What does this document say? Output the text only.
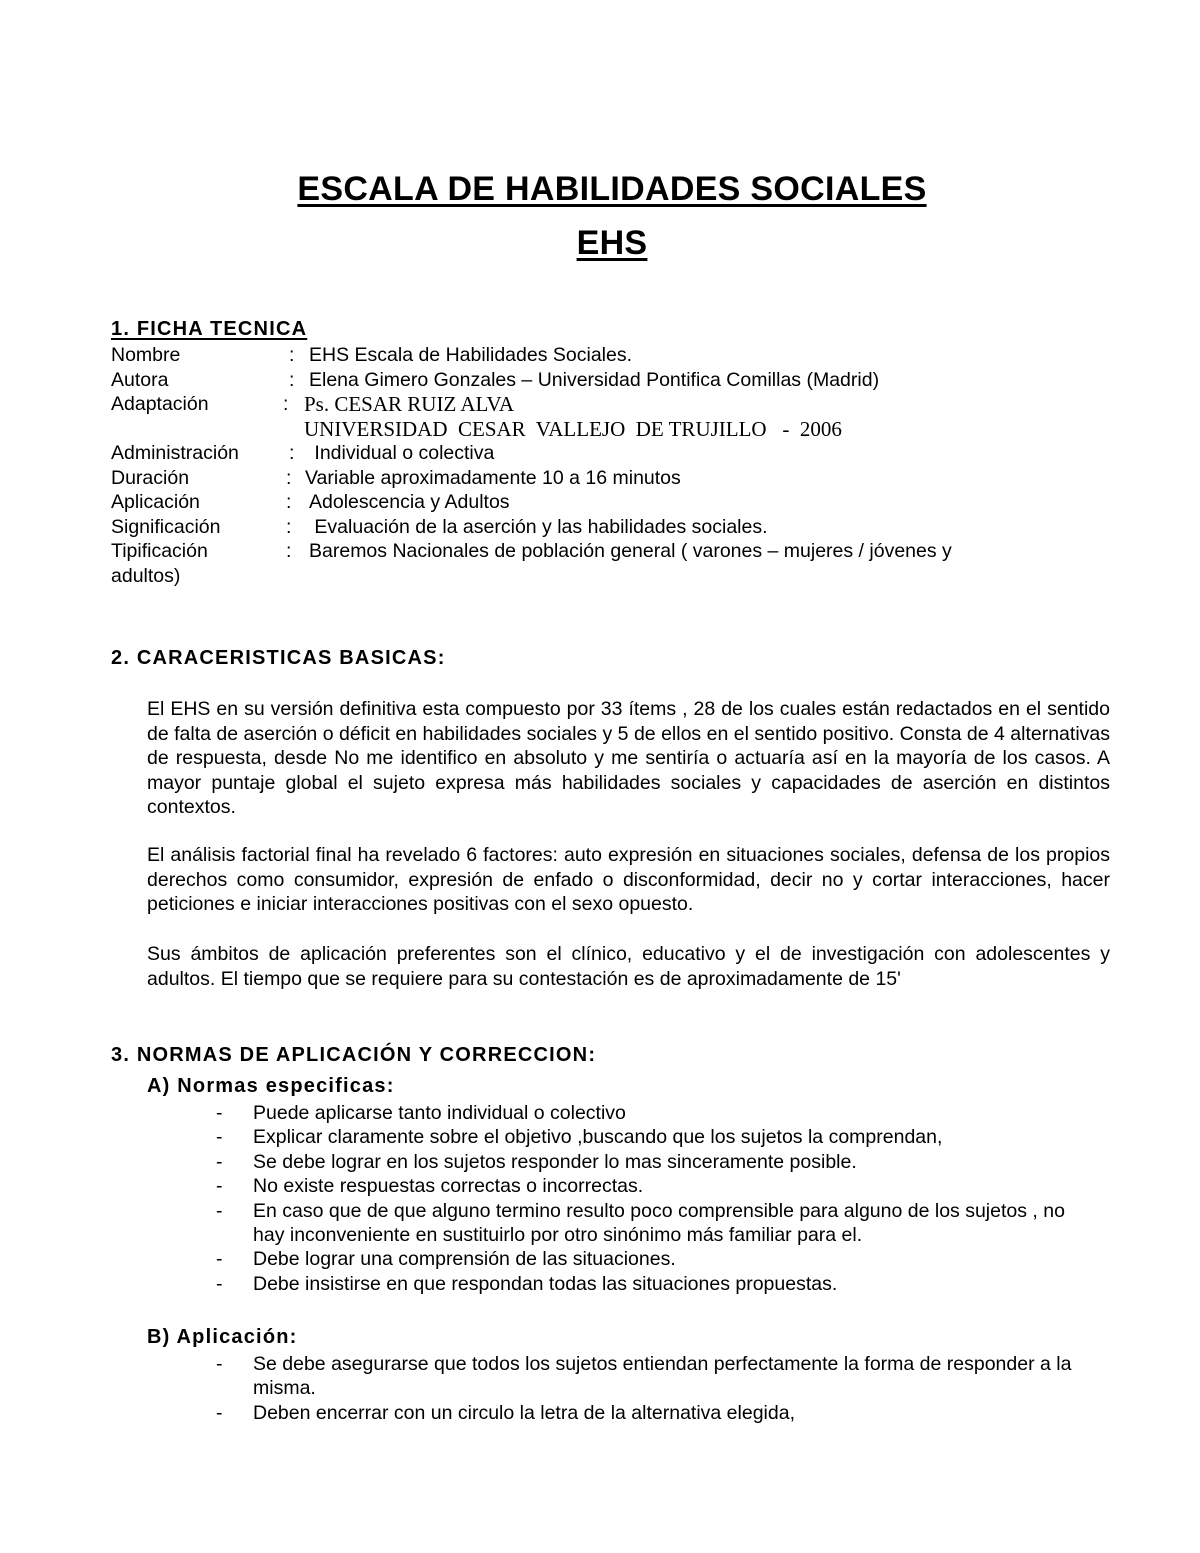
ESCALA DE HABILIDADES SOCIALES
EHS
1. FICHA TECNICA
Nombre	: EHS Escala de Habilidades Sociales.
Autora	: Elena Gimero Gonzales – Universidad Pontifica Comillas (Madrid)
Adaptación	: Ps. CESAR RUIZ ALVA
UNIVERSIDAD  CESAR  VALLEJO  DE TRUJILLO   -  2006
Administración	: Individual o colectiva
Duración	: Variable aproximadamente 10 a 16 minutos
Aplicación	: Adolescencia y Adultos
Significación	: Evaluación de la aserción y las habilidades sociales.
Tipificación	: Baremos Nacionales de población general ( varones – mujeres / jóvenes y
adultos)
2. CARACERISTICAS BASICAS:

El EHS en su versión definitiva esta compuesto por 33 ítems , 28 de los cuales están redactados en el sentido de falta de aserción o déficit en habilidades sociales y 5 de ellos en el sentido positivo. Consta de 4 alternativas de respuesta, desde No me identifico en absoluto y me sentiría o actuaría así en la mayoría de los casos. A mayor puntaje global el sujeto expresa más habilidades sociales y capacidades de aserción en distintos contextos.

El análisis factorial final ha revelado 6 factores: auto expresión en situaciones sociales, defensa de los propios derechos como consumidor, expresión de enfado o disconformidad, decir no y cortar interacciones, hacer peticiones e iniciar interacciones positivas con el sexo opuesto.

Sus ámbitos de aplicación preferentes son el clínico, educativo y el de investigación con adolescentes y adultos. El tiempo que se requiere para su contestación es de aproximadamente de 15'

3. NORMAS DE APLICACIÓN Y CORRECCION:
A) Normas especificas:
- Puede aplicarse tanto individual o colectivo
- Explicar claramente sobre el objetivo ,buscando que los sujetos la comprendan,
- Se debe lograr en los sujetos responder lo mas sinceramente posible.
- No existe respuestas correctas o incorrectas.
- En caso que de que alguno termino resulto poco comprensible para alguno de los sujetos , no hay inconveniente en sustituirlo por otro sinónimo más familiar para el.
- Debe lograr una comprensión de las situaciones.
- Debe insistirse en que respondan todas las situaciones propuestas.
B) Aplicación:
- Se debe asegurarse que todos los sujetos entiendan perfectamente la forma de responder a la misma.
- Deben encerrar con un circulo la letra de la alternativa elegida,
